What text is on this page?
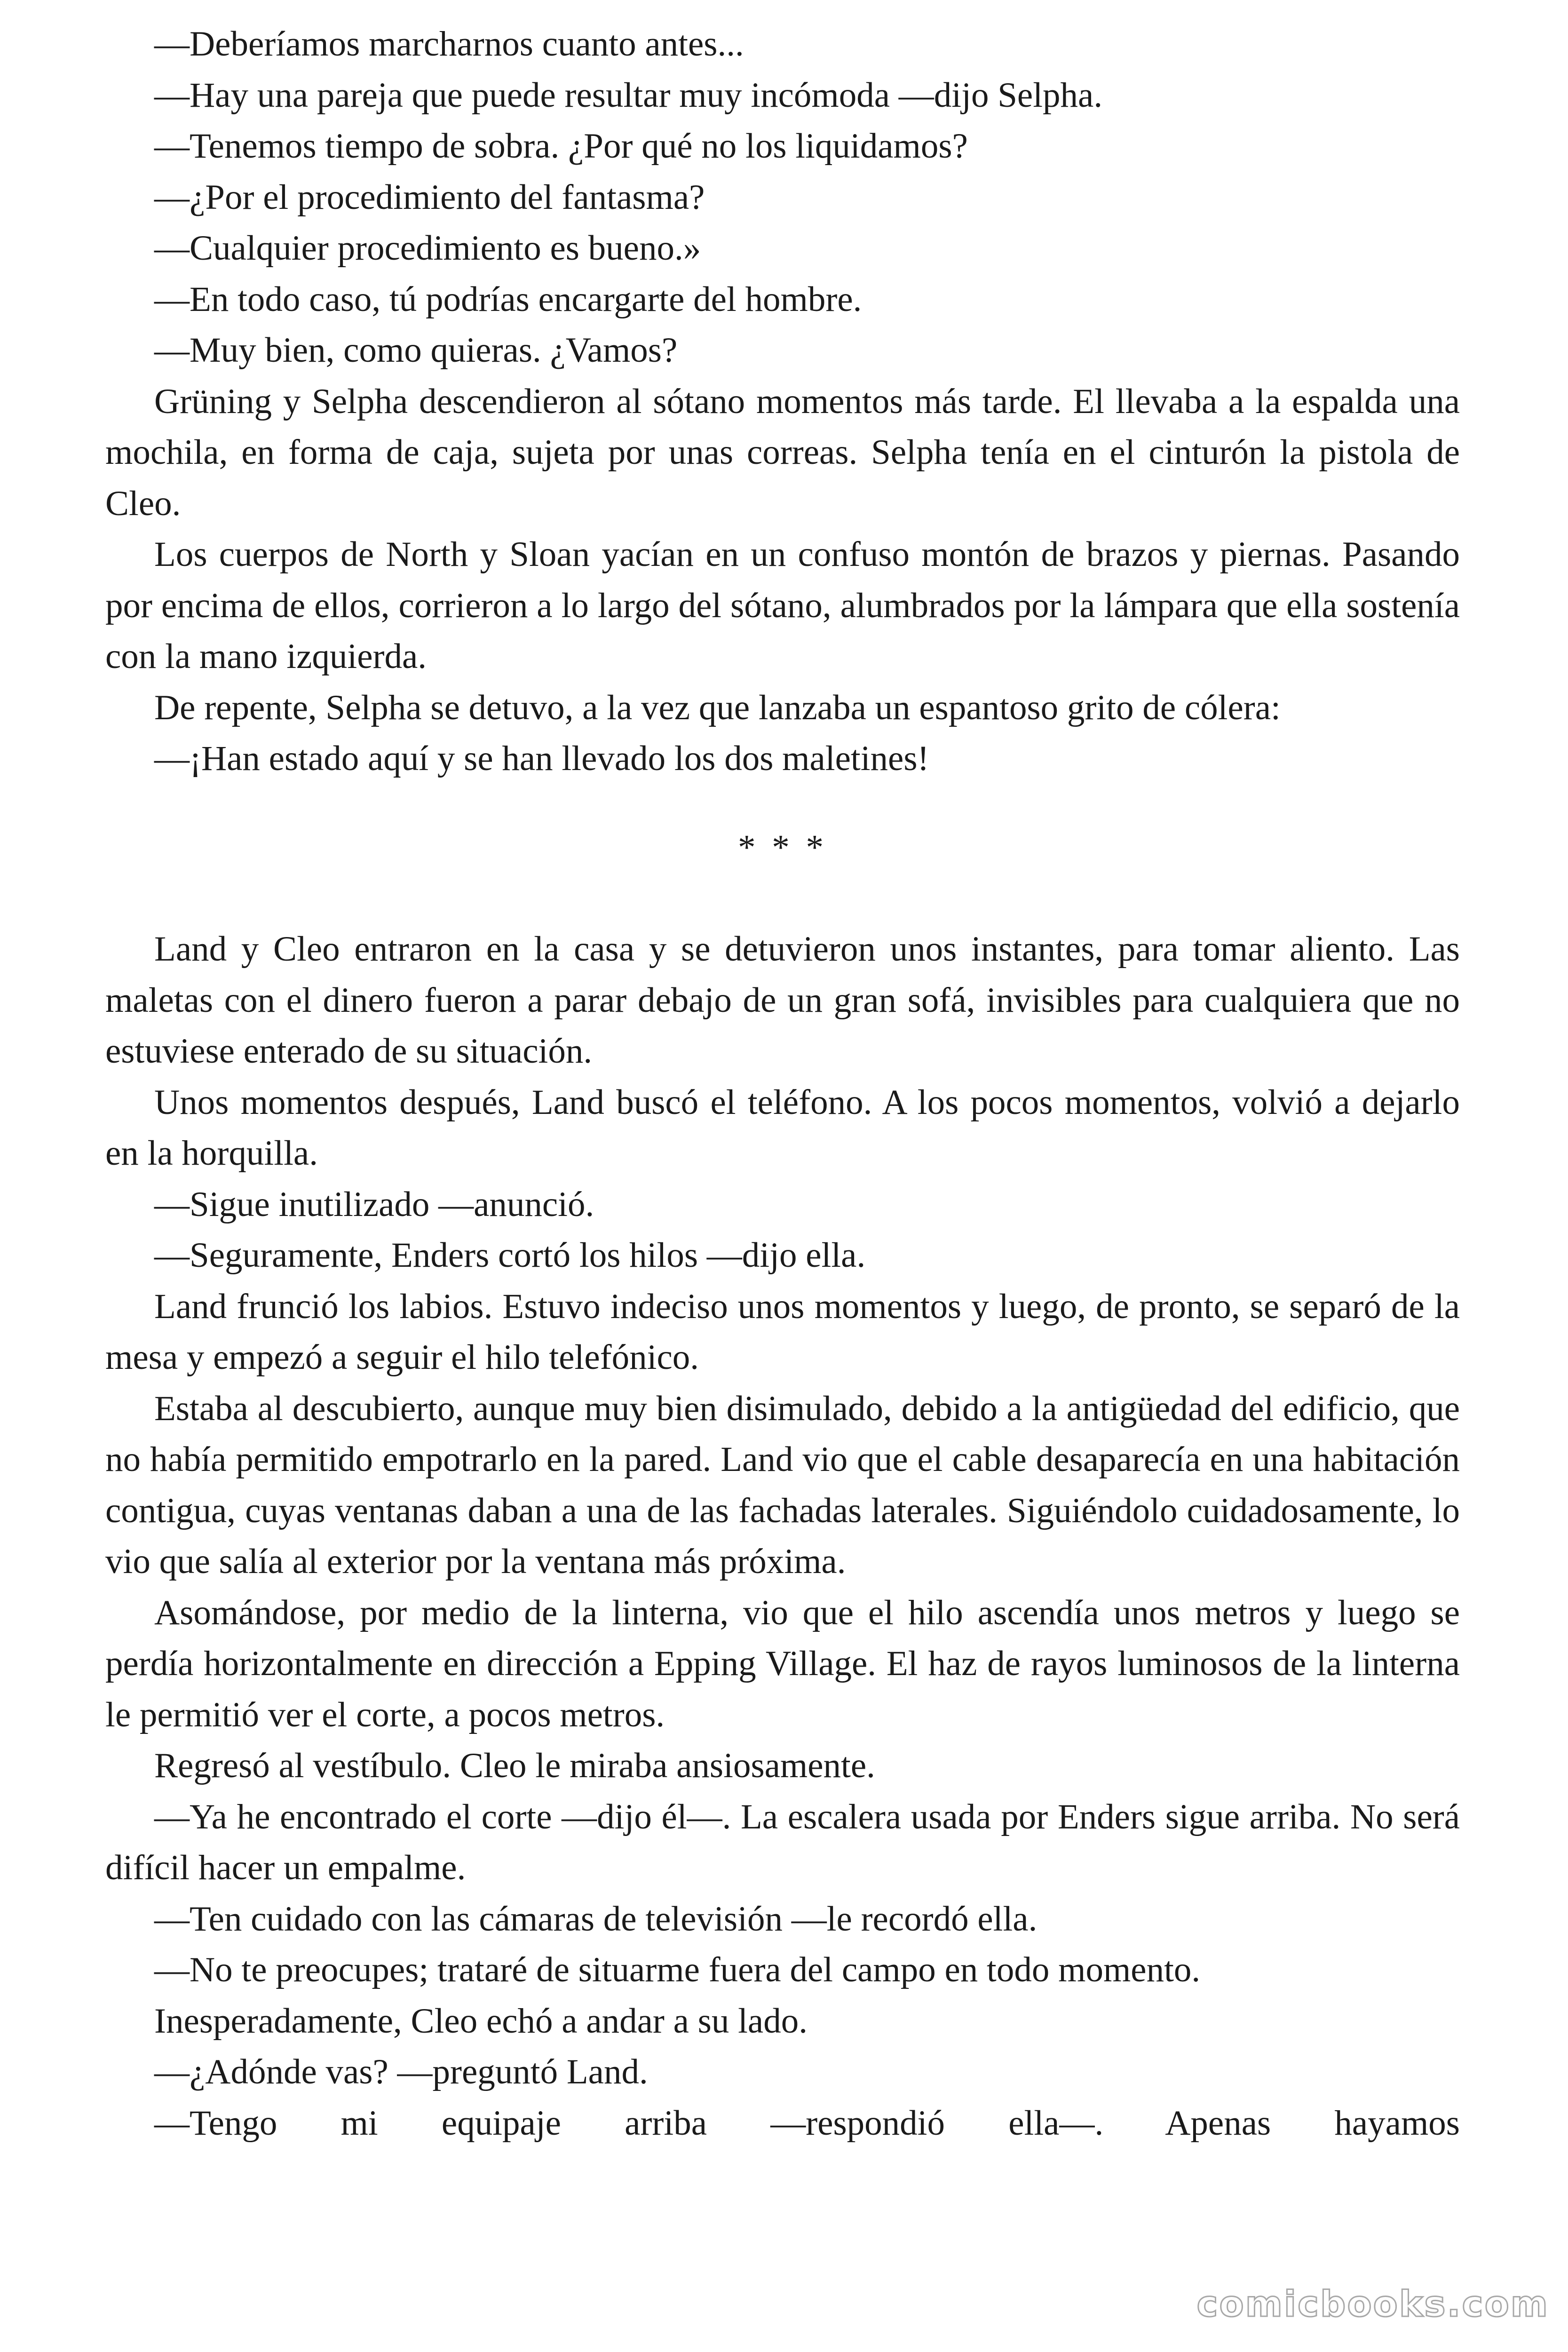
—Deberíamos marcharnos cuanto antes...

—Hay una pareja que puede resultar muy incómoda —dijo Selpha.

—Tenemos tiempo de sobra. ¿Por qué no los liquidamos?

—¿Por el procedimiento del fantasma?

—Cualquier procedimiento es bueno.»

—En todo caso, tú podrías encargarte del hombre.

—Muy bien, como quieras. ¿Vamos?

Grüning y Selpha descendieron al sótano momentos más tarde. El llevaba a la espalda una mochila, en forma de caja, sujeta por unas correas. Selpha tenía en el cinturón la pistola de Cleo.

Los cuerpos de North y Sloan yacían en un confuso montón de brazos y piernas. Pasando por encima de ellos, corrieron a lo largo del sótano, alumbrados por la lámpara que ella sostenía con la mano izquierda.

De repente, Selpha se detuvo, a la vez que lanzaba un espantoso grito de cólera:

—¡Han estado aquí y se han llevado los dos maletines!

* * *

Land y Cleo entraron en la casa y se detuvieron unos instantes, para tomar aliento. Las maletas con el dinero fueron a parar debajo de un gran sofá, invisibles para cualquiera que no estuviese enterado de su situación.

Unos momentos después, Land buscó el teléfono. A los pocos momentos, volvió a dejarlo en la horquilla.

—Sigue inutilizado —anunció.

—Seguramente, Enders cortó los hilos —dijo ella.

Land frunció los labios. Estuvo indeciso unos momentos y luego, de pronto, se separó de la mesa y empezó a seguir el hilo telefónico.

Estaba al descubierto, aunque muy bien disimulado, debido a la antigüedad del edificio, que no había permitido empotrarlo en la pared. Land vio que el cable desaparecía en una habitación contigua, cuyas ventanas daban a una de las fachadas laterales. Siguiéndolo cuidadosamente, lo vio que salía al exterior por la ventana más próxima.

Asomándose, por medio de la linterna, vio que el hilo ascendía unos metros y luego se perdía horizontalmente en dirección a Epping Village. El haz de rayos luminosos de la linterna le permitió ver el corte, a pocos metros.

Regresó al vestíbulo. Cleo le miraba ansiosamente.

—Ya he encontrado el corte —dijo él—. La escalera usada por Enders sigue arriba. No será difícil hacer un empalme.

—Ten cuidado con las cámaras de televisión —le recordó ella.

—No te preocupes; trataré de situarme fuera del campo en todo momento.

Inesperadamente, Cleo echó a andar a su lado.

—¿Adónde vas? —preguntó Land.

—Tengo mi equipaje arriba —respondió ella—. Apenas hayamos

comicbooks.com
